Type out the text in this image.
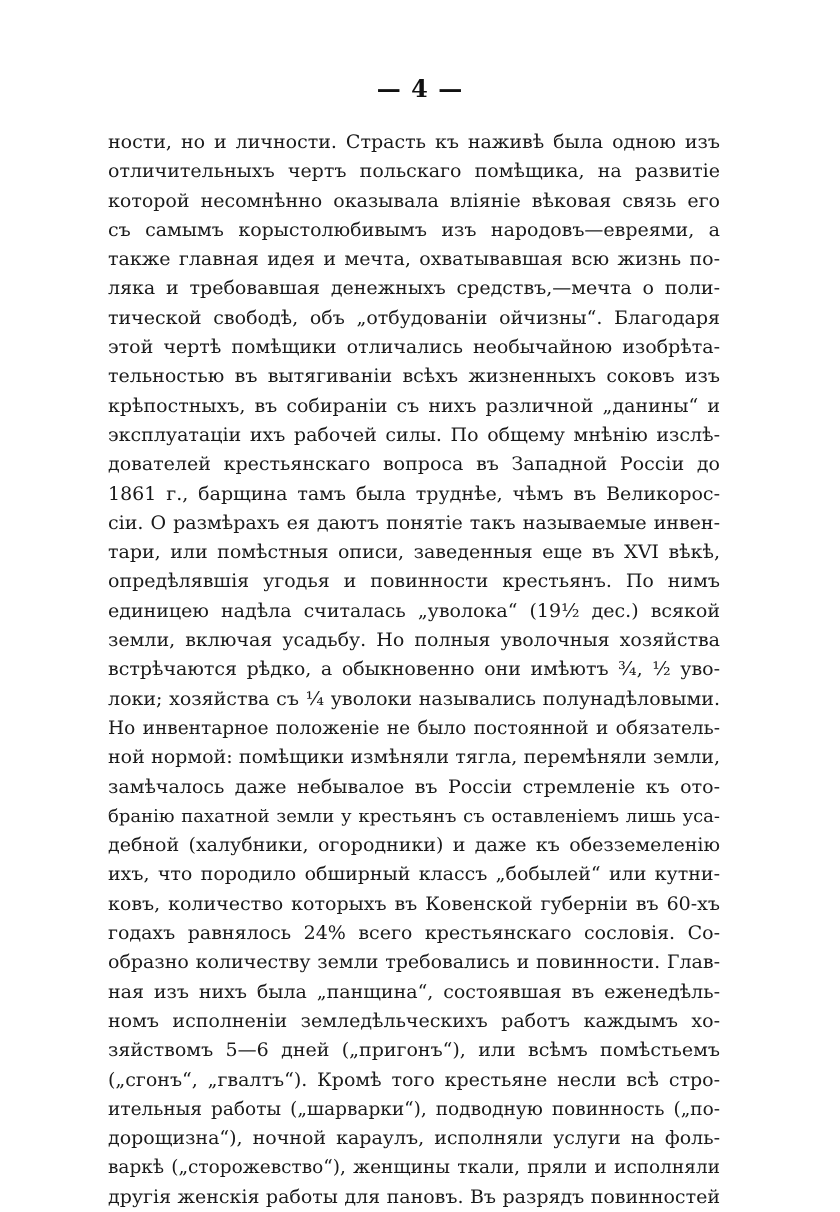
— 4 —
ности, но и личности. Страсть къ наживѣ была одною изъ
отличительныхъ чертъ польскаго помѣщика, на развитіе
которой несомнѣнно оказывала вліяніе вѣковая связь его
съ самымъ корыстолюбивымъ изъ народовъ—евреями, а
также главная идея и мечта, охватывавшая всю жизнь по-
ляка и требовавшая денежныхъ средствъ,—мечта о поли-
тической свободѣ, объ „отбудованіи ойчизны“. Благодаря
этой чертѣ помѣщики отличались необычайною изобрѣта-
тельностью въ вытягиваніи всѣхъ жизненныхъ соковъ изъ
крѣпостныхъ, въ собираніи съ нихъ различной „данины“ и
эксплуатаціи ихъ рабочей силы. По общему мнѣнію изслѣ-
дователей крестьянскаго вопроса въ Западной Россіи до
1861 г., барщина тамъ была труднѣе, чѣмъ въ Великорос-
сіи. О размѣрахъ ея даютъ понятіе такъ называемые инвен-
тари, или помѣстныя описи, заведенныя еще въ XVI вѣкѣ,
опредѣлявшія угодья и повинности крестьянъ. По нимъ
единицею надѣла считалась „уволока“ (19½ дес.) всякой
земли, включая усадьбу. Но полныя уволочныя хозяйства
встрѣчаются рѣдко, а обыкновенно они имѣютъ ¾, ½ уво-
локи; хозяйства съ ¼ уволоки назывались полунадѣловыми.
Но инвентарное положеніе не было постоянной и обязатель-
ной нормой: помѣщики измѣняли тягла, перемѣняли земли,
замѣчалось даже небывалое въ Россіи стремленіе къ ото-
бранію пахатной земли у крестьянъ съ оставленіемъ лишь уса-
дебной (халубники, огородники) и даже къ обезземеленію
ихъ, что породило обширный классъ „бобылей“ или кутни-
ковъ, количество которыхъ въ Ковенской губерніи въ 60-хъ
годахъ равнялось 24% всего крестьянскаго сословія. Со-
образно количеству земли требовались и повинности. Глав-
ная изъ нихъ была „панщина“, состоявшая въ еженедѣль-
номъ исполненіи земледѣльческихъ работъ каждымъ хо-
зяйствомъ 5—6 дней („пригонъ“), или всѣмъ помѣстьемъ
(„сгонъ“, „гвалтъ“). Кромѣ того крестьяне несли всѣ стро-
ительныя работы („шарварки“), подводную повинность („по-
дорощизна“), ночной караулъ, исполняли услуги на фоль-
варкѣ („сторожевство“), женщины ткали, пряли и исполняли
другія женскія работы для пановъ. Въ разрядъ повинностей
